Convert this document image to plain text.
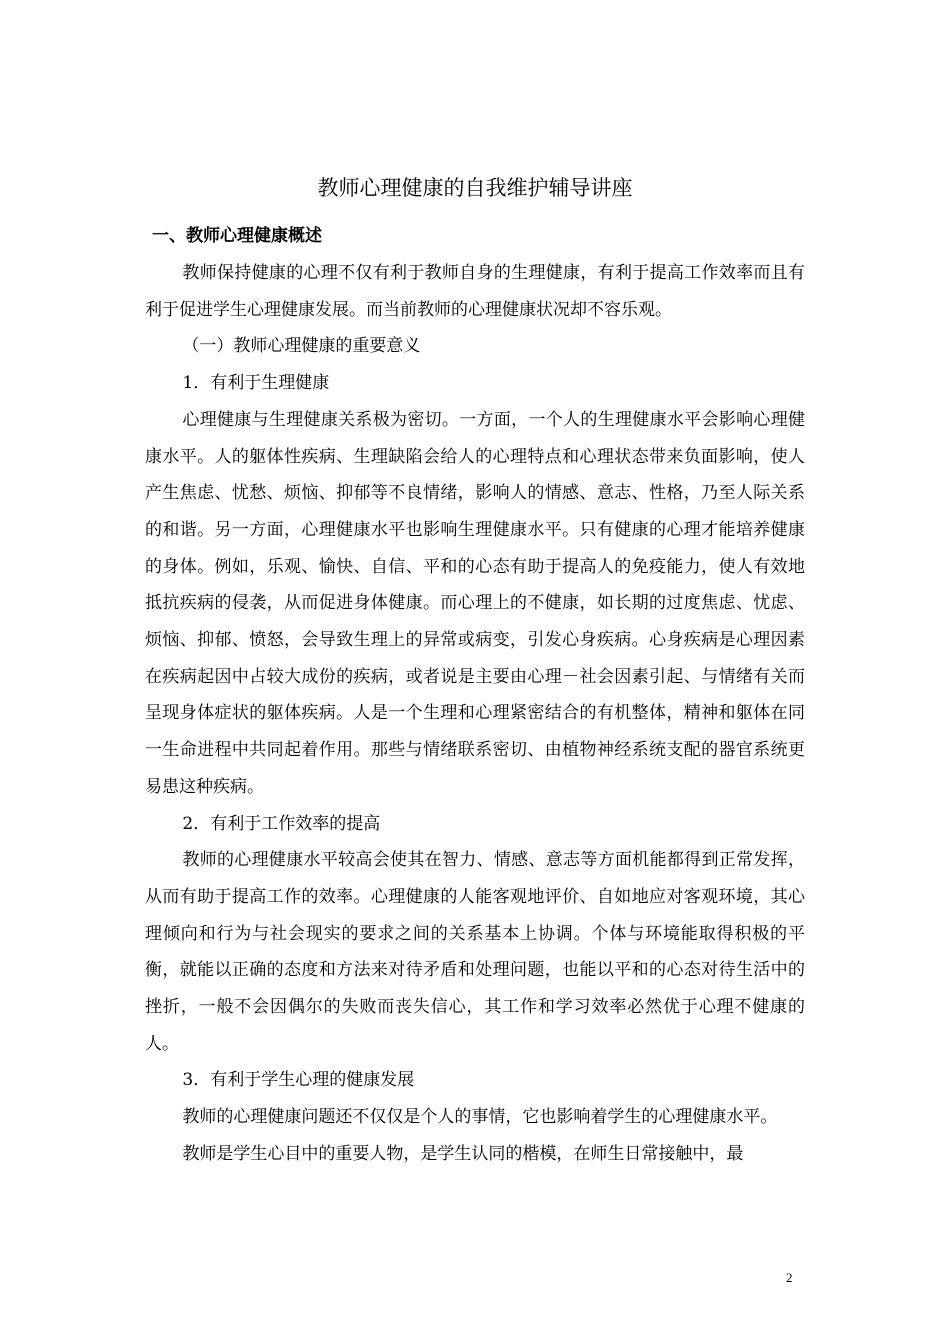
教师心理健康的自我维护辅导讲座
一、教师心理健康概述

教师保持健康的心理不仅有利于教师自身的生理健康，有利于提高工作效率而且有利于促进学生心理健康发展。而当前教师的心理健康状况却不容乐观。

（一）教师心理健康的重要意义

1．有利于生理健康

心理健康与生理健康关系极为密切。一方面，一个人的生理健康水平会影响心理健康水平。人的躯体性疾病、生理缺陷会给人的心理特点和心理状态带来负面影响，使人产生焦虑、忧愁、烦恼、抑郁等不良情绪，影响人的情感、意志、性格，乃至人际关系的和谐。另一方面，心理健康水平也影响生理健康水平。只有健康的心理才能培养健康的身体。例如，乐观、愉快、自信、平和的心态有助于提高人的免疫能力，使人有效地抵抗疾病的侵袭，从而促进身体健康。而心理上的不健康，如长期的过度焦虑、忧虑、烦恼、抑郁、愤怒，会导致生理上的异常或病变，引发心身疾病。心身疾病是心理因素在疾病起因中占较大成份的疾病，或者说是主要由心理－社会因素引起、与情绪有关而呈现身体症状的躯体疾病。人是一个生理和心理紧密结合的有机整体，精神和躯体在同一生命进程中共同起着作用。那些与情绪联系密切、由植物神经系统支配的器官系统更易患这种疾病。

2．有利于工作效率的提高

教师的心理健康水平较高会使其在智力、情感、意志等方面机能都得到正常发挥，从而有助于提高工作的效率。心理健康的人能客观地评价、自如地应对客观环境，其心理倾向和行为与社会现实的要求之间的关系基本上协调。个体与环境能取得积极的平衡，就能以正确的态度和方法来对待矛盾和处理问题，也能以平和的心态对待生活中的挫折，一般不会因偶尔的失败而丧失信心，其工作和学习效率必然优于心理不健康的人。

3．有利于学生心理的健康发展

教师的心理健康问题还不仅仅是个人的事情，它也影响着学生的心理健康水平。

教师是学生心目中的重要人物，是学生认同的楷模，在师生日常接触中，最

2
